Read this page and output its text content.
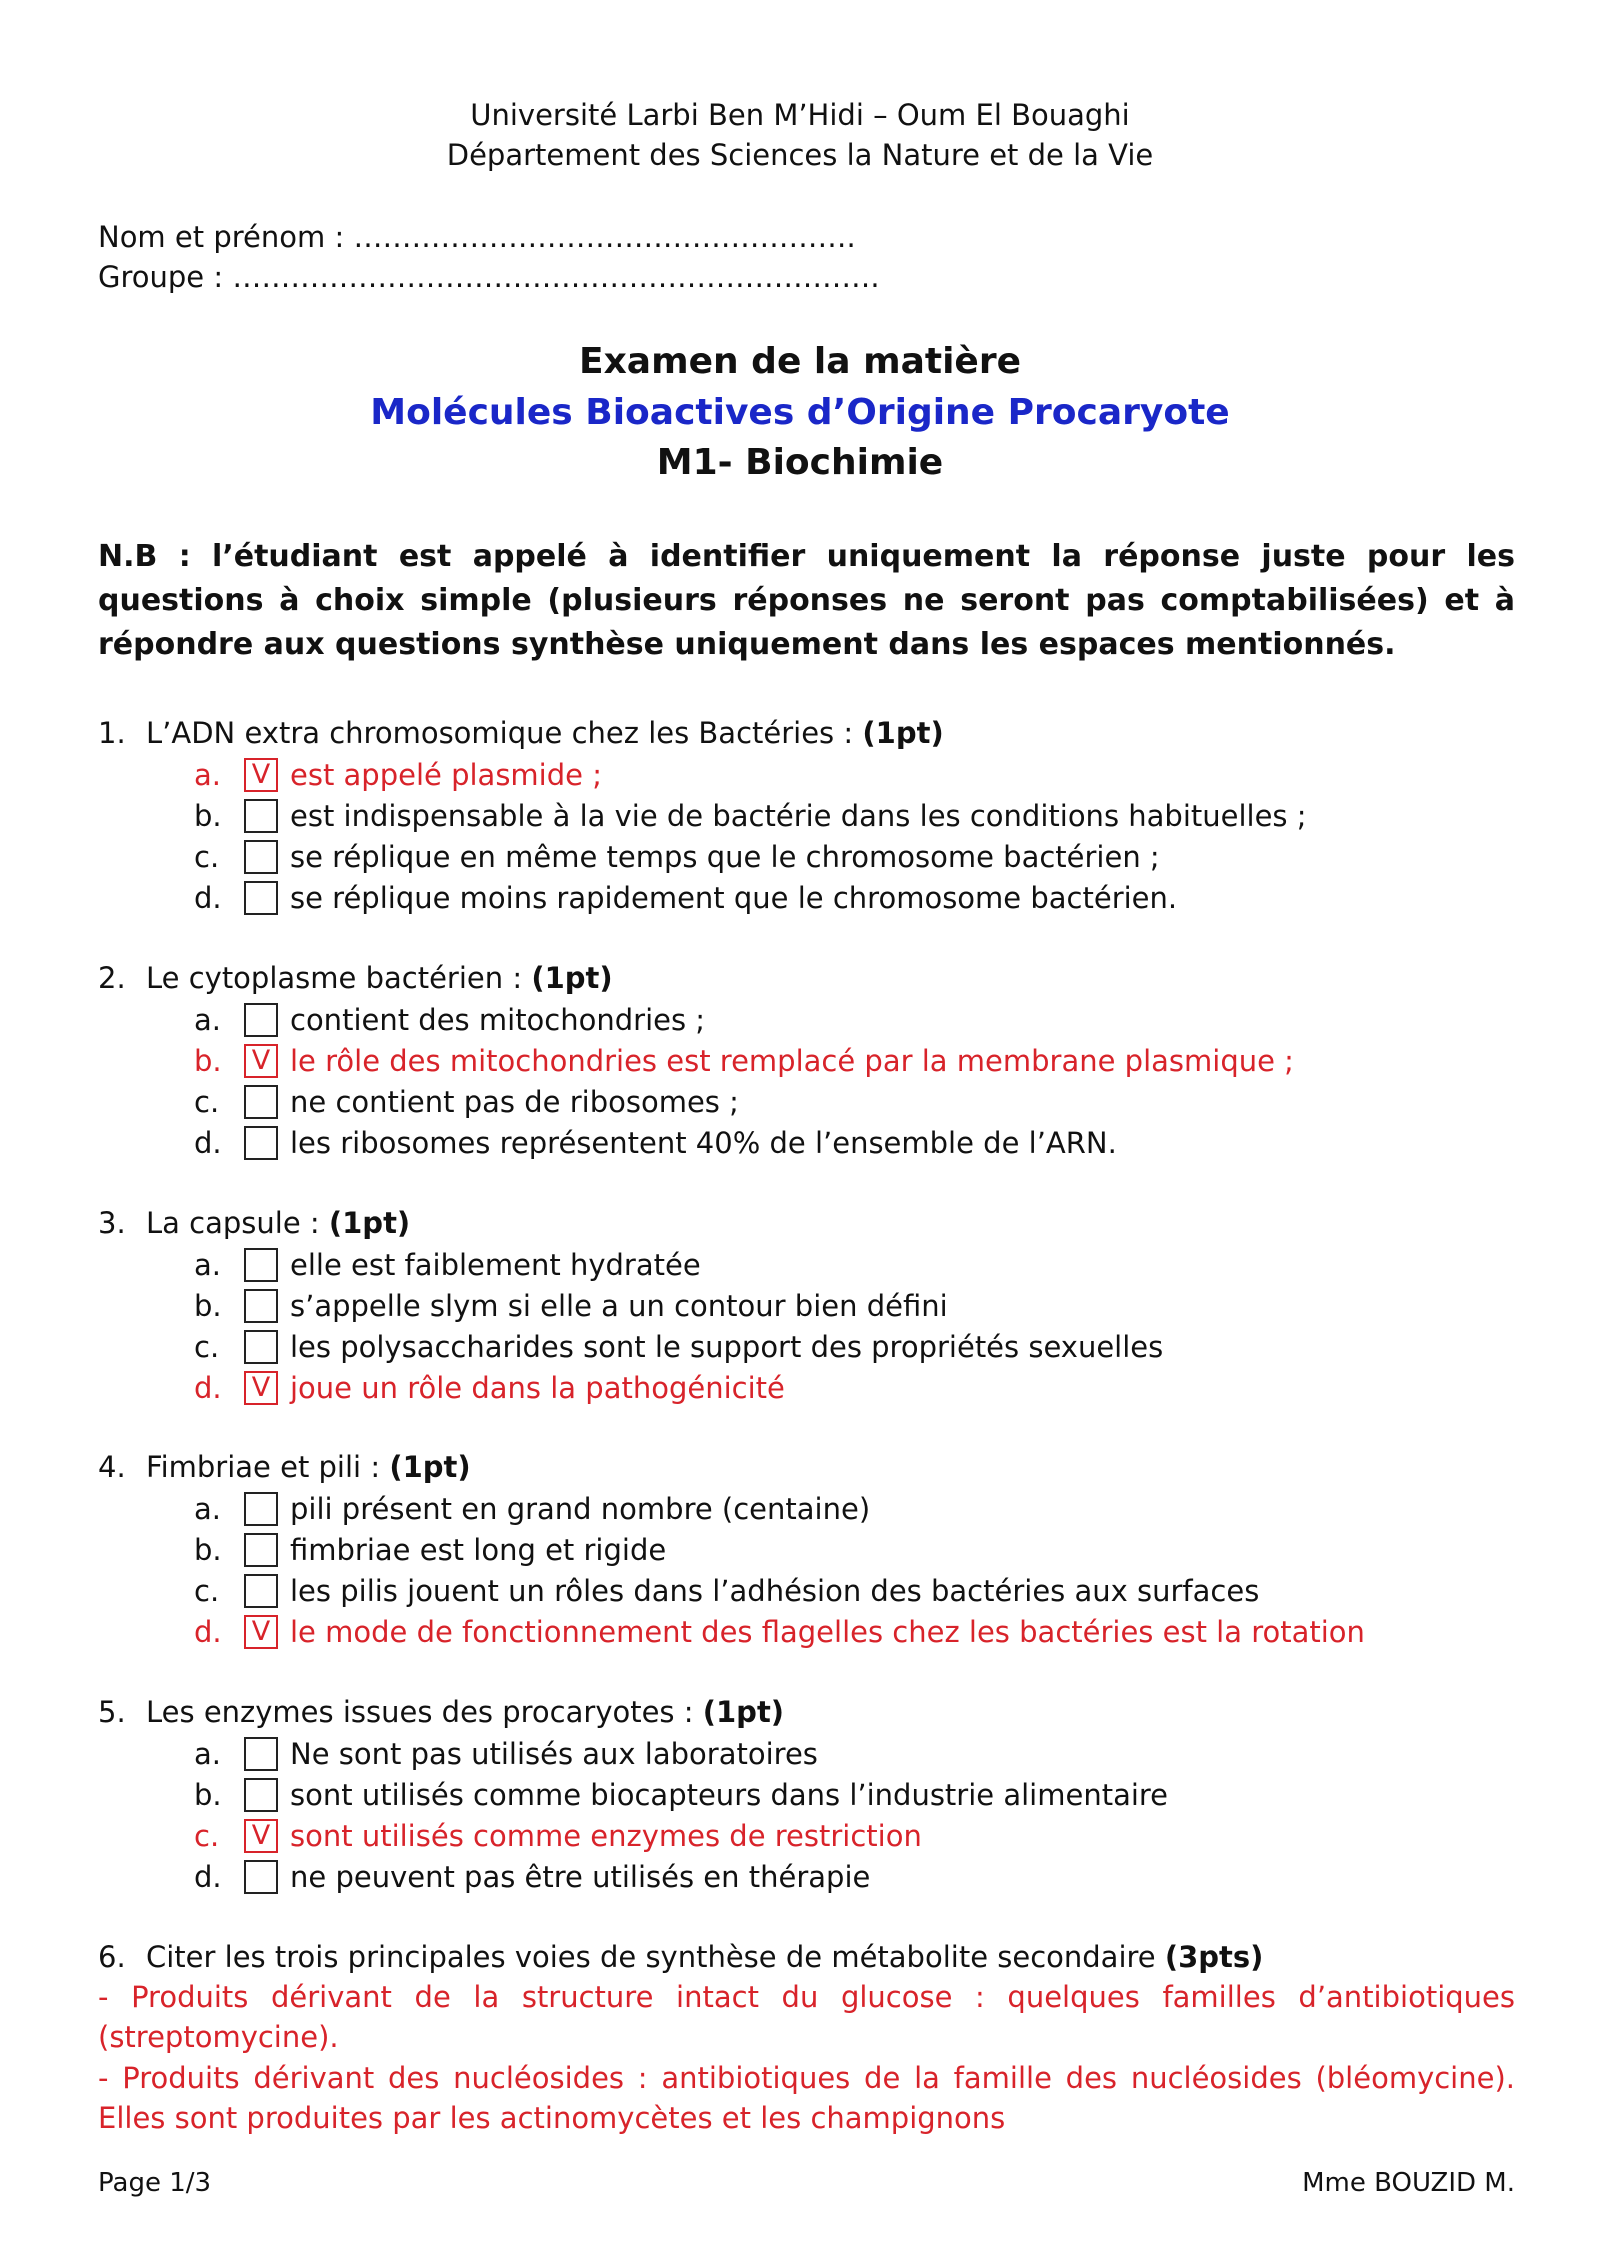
Université Larbi Ben M’Hidi – Oum El Bouaghi
Département des Sciences la Nature et de la Vie
Nom et prénom : …………………………………………….
Groupe : ………………………………………………………….
Examen de la matière
Molécules Bioactives d’Origine Procaryote
M1- Biochimie
N.B : l’étudiant est appelé à identifier uniquement la réponse juste pour les questions à choix simple (plusieurs réponses ne seront pas comptabilisées) et à répondre aux questions synthèse uniquement dans les espaces mentionnés.
1. L’ADN extra chromosomique chez les Bactéries : (1pt)
a.	V est appelé plasmide ;
b.	est indispensable à la vie de bactérie dans les conditions habituelles ;
c.	se réplique en même temps que le chromosome bactérien ;
d.	se réplique moins rapidement que le chromosome bactérien.
2. Le cytoplasme bactérien : (1pt)
a.	contient des mitochondries ;
b.	V le rôle des mitochondries est remplacé par la membrane plasmique ;
c.	ne contient pas de ribosomes ;
d.	les ribosomes représentent 40% de l’ensemble de l’ARN.
3. La capsule : (1pt)
a.	elle est faiblement hydratée
b.	s’appelle slym si elle a un contour bien défini
c.	les polysaccharides sont le support des propriétés sexuelles
d.	V joue un rôle dans la pathogénicité
4. Fimbriae et pili : (1pt)
a.	pili présent en grand nombre (centaine)
b.	fimbriae est long et rigide
c.	les pilis jouent un rôles dans l’adhésion des bactéries aux surfaces
d.	V le mode de fonctionnement des flagelles chez les bactéries est la rotation
5. Les enzymes issues des procaryotes : (1pt)
a.	Ne sont pas utilisés aux laboratoires
b.	sont utilisés comme biocapteurs dans l’industrie alimentaire
c.	V sont utilisés comme enzymes de restriction
d.	ne peuvent pas être utilisés en thérapie
6. Citer les trois principales voies de synthèse de métabolite secondaire (3pts)
- Produits dérivant de la structure intact du glucose : quelques familles d’antibiotiques (streptomycine).
- Produits dérivant des nucléosides : antibiotiques de la famille des nucléosides (bléomycine). Elles sont produites par les actinomycètes et les champignons
Page 1/3	Mme BOUZID M.
